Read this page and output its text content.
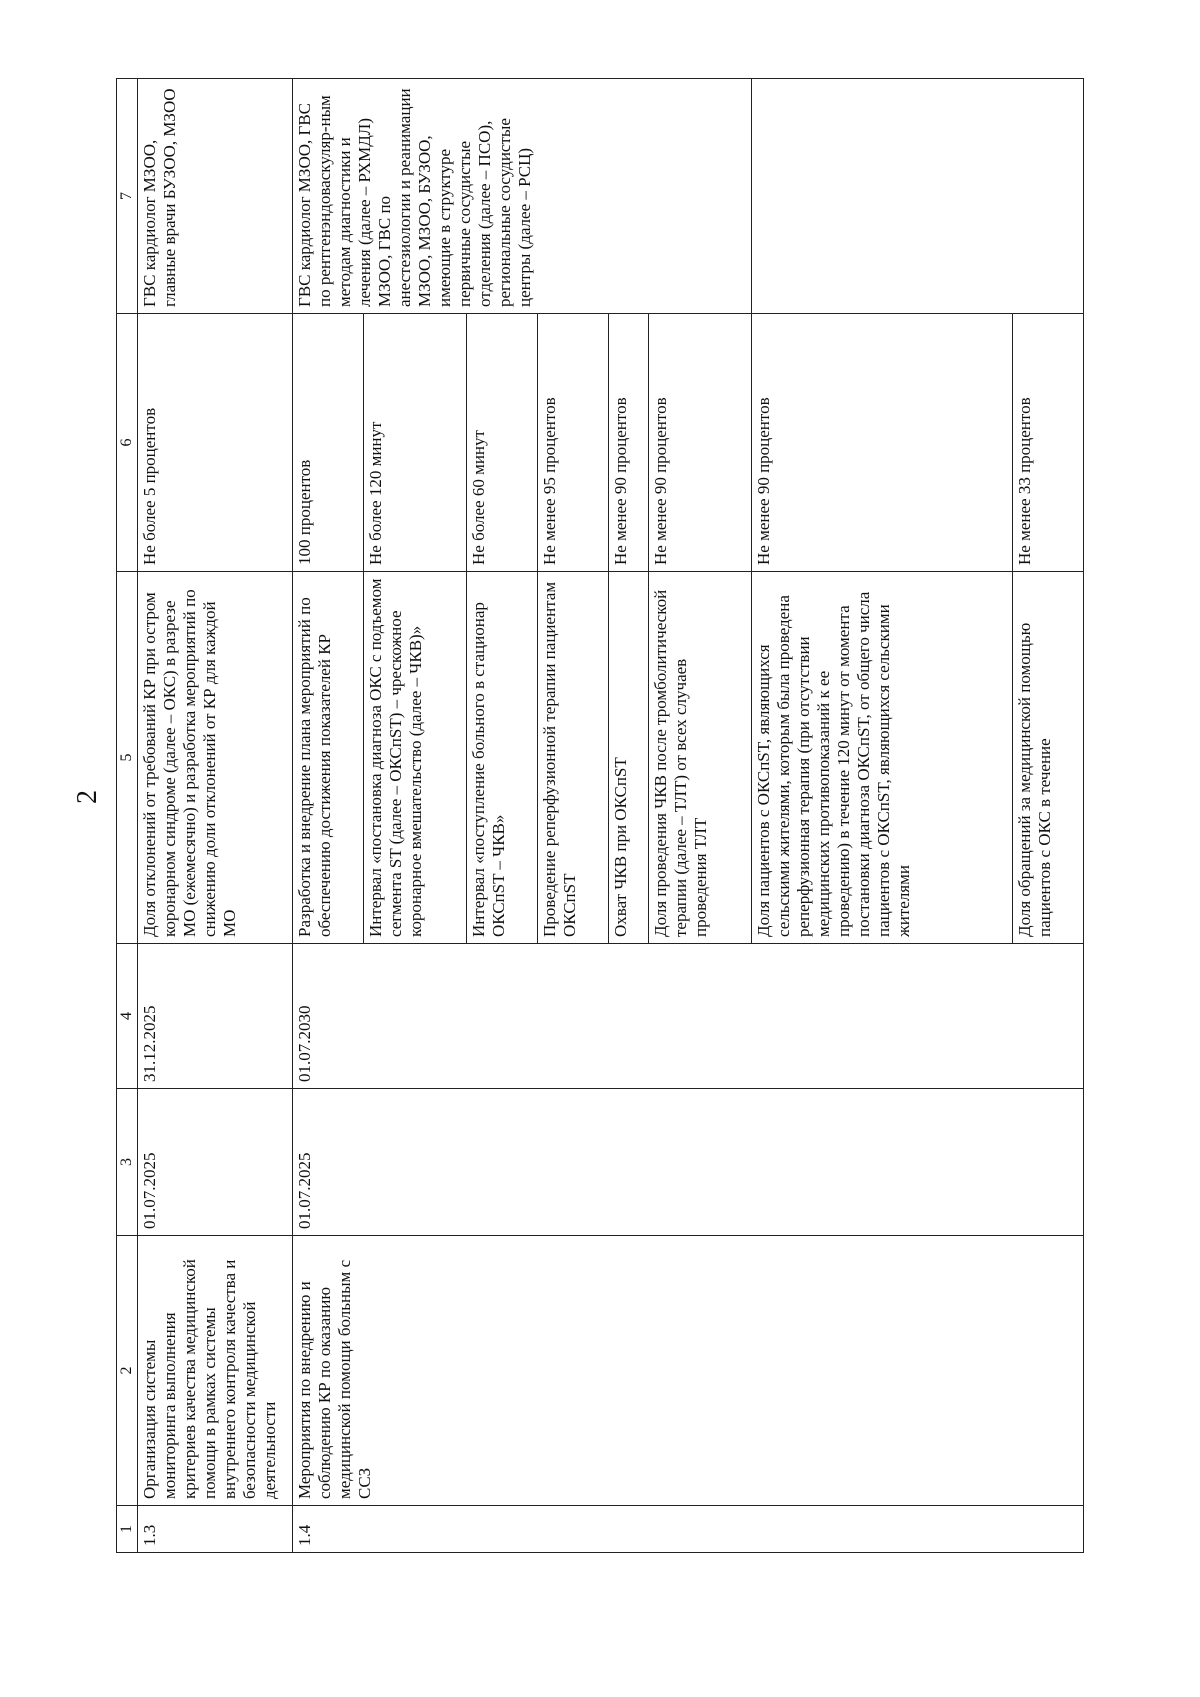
2
1	2	3	4	5	6	7
1.3	Организация системы мониторинга выполнения критериев качества медицинской помощи в рамках системы внутреннего контроля качества и безопасности медицинской деятельности	01.07.2025	31.12.2025	Доля отклонений от требований КР при остром коронарном синдроме (далее – ОКС) в разрезе МО (ежемесячно) и разработка мероприятий по снижению доли отклонений от КР для каждой МО	Не более 5 процентов	ГВС кардиолог МЗОО, главные врачи БУЗОО, МЗОО
1.4	Мероприятия по внедрению и соблюдению КР по оказанию медицинской помощи больным с ССЗ	01.07.2025	01.07.2030	Разработка и внедрение плана мероприятий по обеспечению достижения показателей КР	100 процентов	ГВС кардиолог МЗОО, ГВС по рентгенэндоваскуляр-ным методам диагностики и лечения (далее – РХМДЛ) МЗОО, ГВС по анестезиологии и реанимации МЗОО, МЗОО, БУЗОО, имеющие в структуре первичные сосудистые отделения (далее – ПСО), региональные сосудистые центры (далее – РСЦ)
				Интервал «постановка диагноза ОКС с подъемом сегмента ST (далее – ОКСпST) – чрескожное коронарное вмешательство (далее – ЧКВ)»	Не более 120 минут	
				Интервал «поступление больного в стационар ОКСпST – ЧКВ»	Не более 60 минут	
				Проведение реперфузионной терапии пациентам ОКСпST	Не менее 95 процентов	
				Охват ЧКВ при ОКСпST	Не менее 90 процентов	
				Доля проведения ЧКВ после тромболитической терапии (далее – ТЛТ) от всех случаев проведения ТЛТ	Не менее 90 процентов	
				Доля пациентов с ОКСпST, являющихся сельскими жителями, которым была проведена реперфузионная терапия (при отсутствии медицинских противопоказаний к ее проведению) в течение 120 минут от момента постановки диагноза ОКСпST, от общего числа пациентов с ОКСпST, являющихся сельскими жителями	Не менее 90 процентов	
				Доля обращений за медицинской помощью пациентов с ОКС в течение	Не менее 33 процентов	
